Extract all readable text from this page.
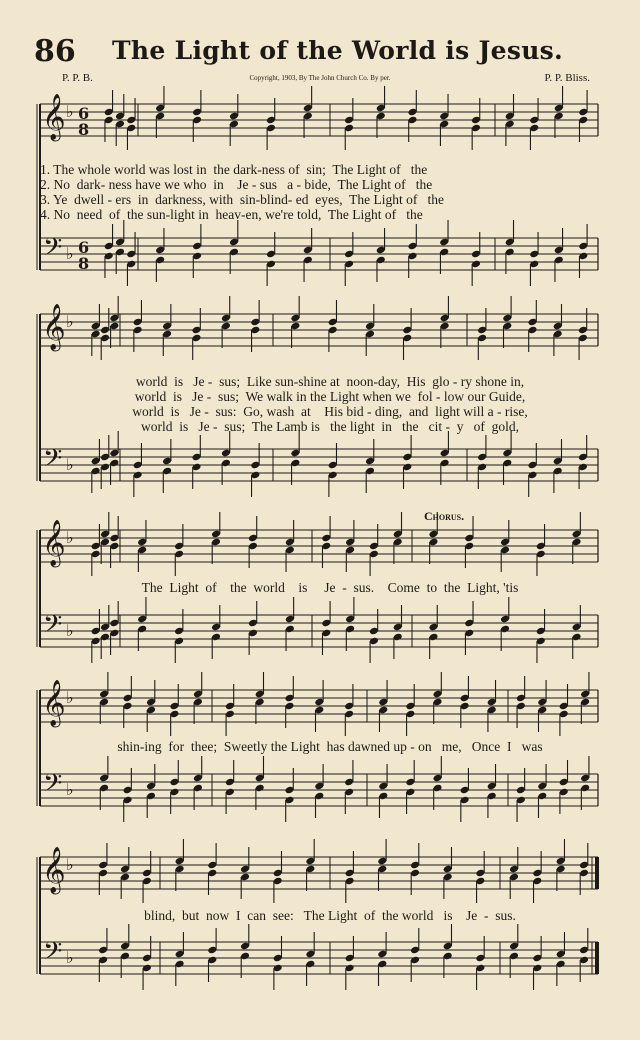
86 The Light of the World is Jesus.
P. P. B.	Copyright, 1903, By The John Church Co. By per.	P. P. Bliss.
Chorus.
𝄞
𝄢
♭
♭
6
8
6
8
𝄞
𝄢
♭
♭
𝄞
𝄢
♭
♭
𝄞
𝄢
♭
♭
𝄞
𝄢
♭
♭
1. The whole world was lost in  the dark-ness of  sin;  The Light of   the
2. No  dark- ness have we who  in    Je - sus   a - bide,  The Light of   the
3. Ye  dwell - ers  in  darkness, with  sin-blind- ed  eyes,  The Light of   the
4. No  need  of  the sun-light in  heav-en, we're told,  The Light of   the
world  is   Je -  sus;  Like sun-shine at  noon-day,  His  glo - ry shone in,
world  is   Je -  sus;  We walk in the Light when we  fol - low our Guide,
world  is   Je -  sus:  Go, wash  at    His bid - ding,  and  light will a - rise,
world  is   Je -  sus;  The Lamb is   the light  in   the   cit -  y   of  gold,
The  Light  of    the  world    is     Je  -  sus.    Come  to  the  Light, 'tis
shin-ing  for  thee;  Sweetly the Light  has dawned up - on   me,   Once  I   was
blind,  but  now  I  can  see:   The Light  of  the world   is    Je  -  sus.
